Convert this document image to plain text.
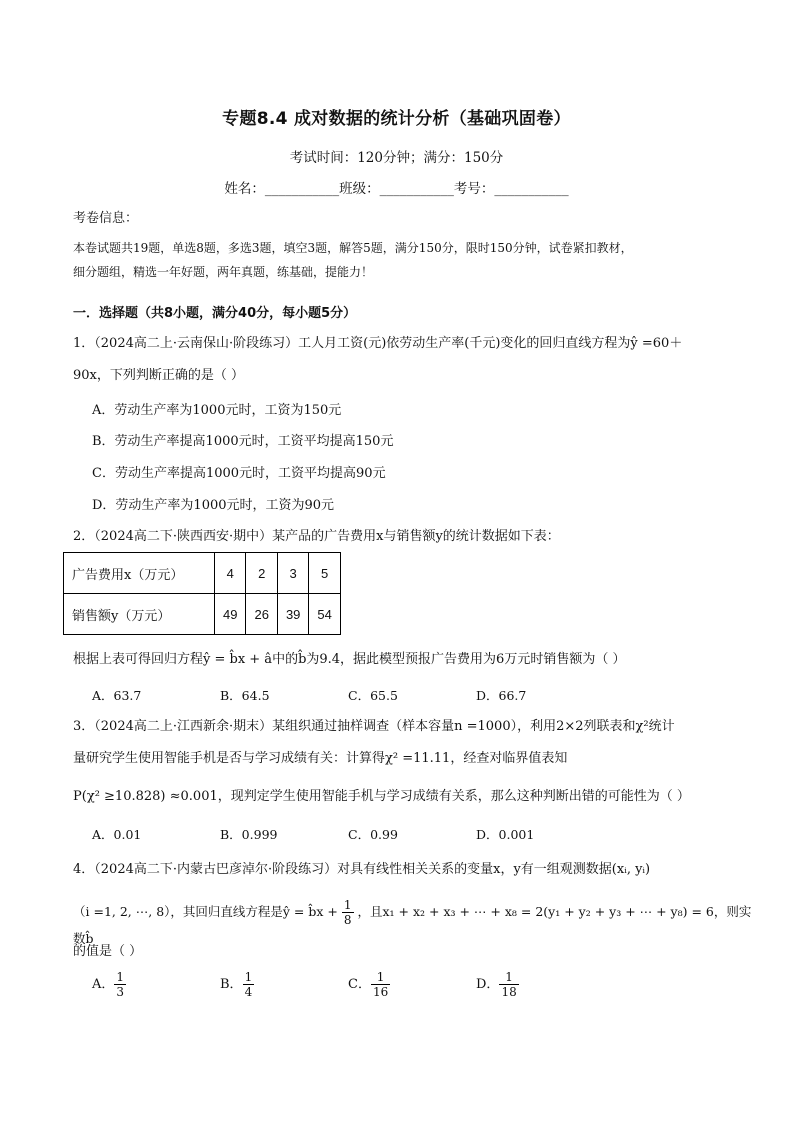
专题8.4 成对数据的统计分析（基础巩固卷）
考试时间：120分钟；满分：150分
姓名：___________班级：___________考号：___________
考卷信息：
本卷试题共19题，单选8题，多选3题，填空3题，解答5题，满分150分，限时150分钟，试卷紧扣教材，
细分题组，精选一年好题，两年真题，练基础，提能力！
一．选择题（共8小题，满分40分，每小题5分）
1．（2024高二上·云南保山·阶段练习）工人月工资(元)依劳动生产率(千元)变化的回归直线方程为ŷ =60＋
90x，下列判断正确的是（ ）
A．劳动生产率为1000元时，工资为150元
B．劳动生产率提高1000元时，工资平均提高150元
C．劳动生产率提高1000元时，工资平均提高90元
D．劳动生产率为1000元时，工资为90元
2．（2024高二下·陕西西安·期中）某产品的广告费用x与销售额y的统计数据如下表：
广告费用x（万元）	4	2	3	5
销售额y（万元）	49	26	39	54
根据上表可得回归方程ŷ = b̂x + â中的b̂为9.4，据此模型预报广告费用为6万元时销售额为（ ）
A．63.7	B．64.5	C．65.5	D．66.7
3．（2024高二上·江西新余·期末）某组织通过抽样调查（样本容量n =1000），利用2×2列联表和χ²统计
量研究学生使用智能手机是否与学习成绩有关：计算得χ² =11.11，经查对临界值表知
P(χ² ≥10.828) ≈0.001，现判定学生使用智能手机与学习成绩有关系，那么这种判断出错的可能性为（ ）
A．0.01	B．0.999	C．0.99	D．0.001
4．（2024高二下·内蒙古巴彦淖尔·阶段练习）对具有线性相关关系的变量x，y有一组观测数据(xᵢ, yᵢ)
（i =1, 2, ⋯, 8），其回归直线方程是ŷ = b̂x + $\frac{1}{8}$ ，且x₁ + x₂ + x₃ + ⋯ + x₈ = 2(y₁ + y₂ + y₃ + ⋯ + y₈) = 6，则实数b̂
的值是（ ）
A． $\frac{1}{3}$	B． $\frac{1}{4}$	C． $\frac{1}{16}$	D． $\frac{1}{18}$
